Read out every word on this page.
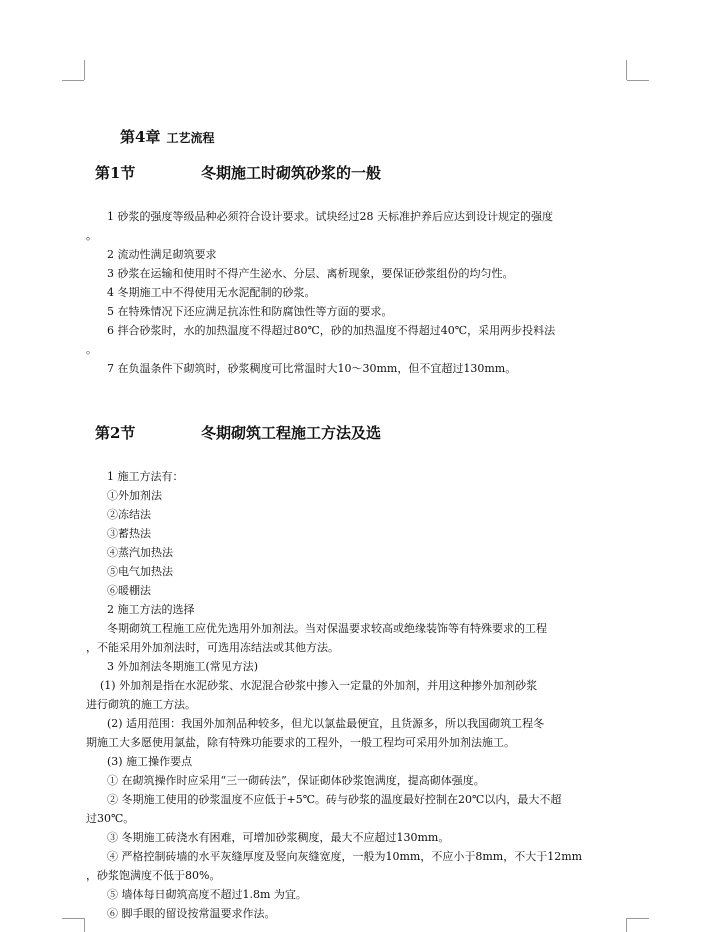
第4章 工艺流程
第1节	冬期施工时砌筑砂浆的一般

1 砂浆的强度等级品种必须符合设计要求。试块经过28 天标准护养后应达到设计规定的强度

。

2 流动性满足砌筑要求

3 砂浆在运输和使用时不得产生泌水、分层、离析现象，要保证砂浆组份的均匀性。

4 冬期施工中不得使用无水泥配制的砂浆。

5 在特殊情况下还应满足抗冻性和防腐蚀性等方面的要求。

6 拌合砂浆时，水的加热温度不得超过80℃，砂的加热温度不得超过40℃，采用两步投料法

。

7 在负温条件下砌筑时，砂浆稠度可比常温时大10～30mm，但不宜超过130mm。

第2节	冬期砌筑工程施工方法及选

1 施工方法有：

①外加剂法

②冻结法

③蓄热法

④蒸汽加热法

⑤电气加热法

⑥暖棚法

2 施工方法的选择

冬期砌筑工程施工应优先选用外加剂法。当对保温要求较高或绝缘装饰等有特殊要求的工程

，不能采用外加剂法时，可选用冻结法或其他方法。

3 外加剂法冬期施工(常见方法)

(1) 外加剂是指在水泥砂浆、水泥混合砂浆中掺入一定量的外加剂，并用这种掺外加剂砂浆

进行砌筑的施工方法。

(2) 适用范围：我国外加剂品种较多，但尤以氯盐最便宜，且货源多，所以我国砌筑工程冬

期施工大多愿使用氯盐，除有特殊功能要求的工程外，一般工程均可采用外加剂法施工。

(3) 施工操作要点

① 在砌筑操作时应采用“三一砌砖法”，保证砌体砂浆饱满度，提高砌体强度。

② 冬期施工使用的砂浆温度不应低于+5℃。砖与砂浆的温度最好控制在20℃以内，最大不超

过30℃。

③ 冬期施工砖浇水有困难，可增加砂浆稠度，最大不应超过130mm。

④ 严格控制砖墙的水平灰缝厚度及竖向灰缝宽度，一般为10mm，不应小于8mm，不大于12mm

，砂浆饱满度不低于80%。

⑤ 墙体每日砌筑高度不超过1.8m 为宜。

⑥ 脚手眼的留设按常温要求作法。
